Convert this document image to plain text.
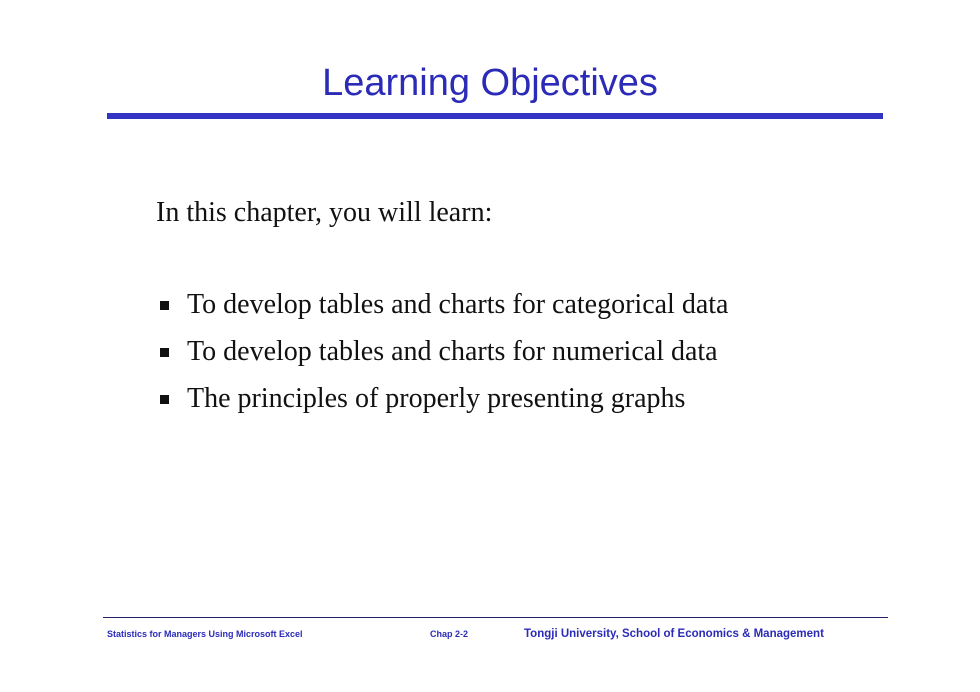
Learning Objectives
In this chapter, you will learn:
To develop tables and charts for categorical data
To develop tables and charts for numerical data
The principles of properly presenting graphs
Statistics for Managers Using Microsoft Excel	Chap 2-2	Tongji University, School of Economics & Management
